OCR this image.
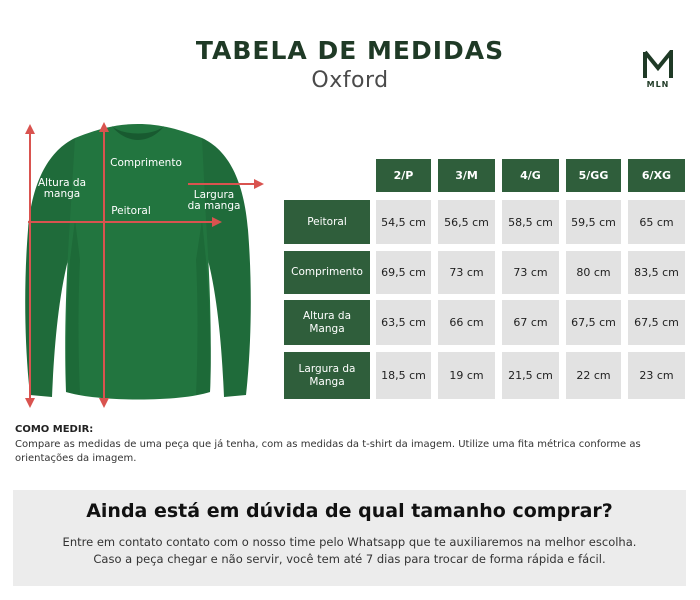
TABELA DE MEDIDAS
Oxford	MLN
Comprimento
Altura da manga
Peitoral
Largura da manga
2/P	3/M	4/G	5/GG	6/XG
Peitoral	54,5 cm	56,5 cm	58,5 cm	59,5 cm	65 cm
Comprimento	69,5 cm	73 cm	73 cm	80 cm	83,5 cm
Altura da Manga	63,5 cm	66 cm	67 cm	67,5 cm	67,5 cm
Largura da Manga	18,5 cm	19 cm	21,5 cm	22 cm	23 cm
COMO MEDIR:
Compare as medidas de uma peça que já tenha, com as medidas da t-shirt da imagem. Utilize uma fita métrica conforme as orientações da imagem.
Ainda está em dúvida de qual tamanho comprar?
Entre em contato contato com o nosso time pelo Whatsapp que te auxiliaremos na melhor escolha.
Caso a peça chegar e não servir, você tem até 7 dias para trocar de forma rápida e fácil.
